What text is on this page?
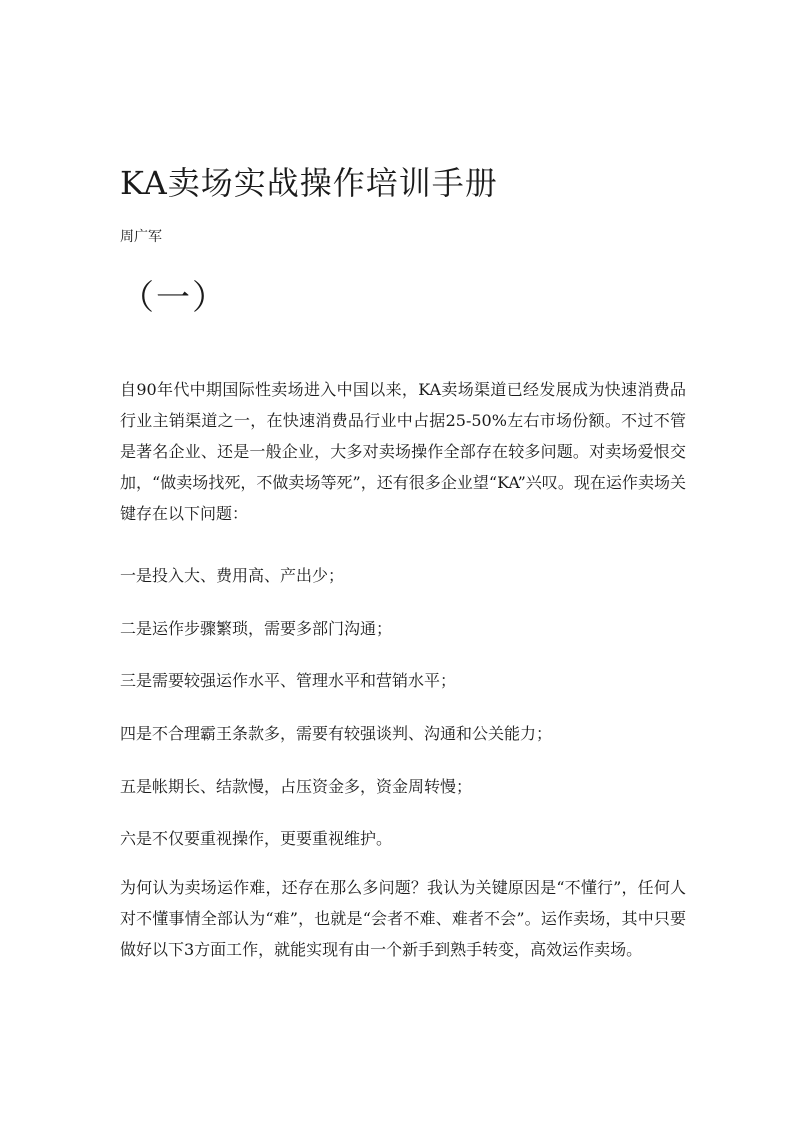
KA卖场实战操作培训手册
周广军
（一）

自90年代中期国际性卖场进入中国以来，KA卖场渠道已经发展成为快速消费品行业主销渠道之一，在快速消费品行业中占据25-50%左右市场份额。不过不管是著名企业、还是一般企业，大多对卖场操作全部存在较多问题。对卖场爱恨交加，“做卖场找死，不做卖场等死”，还有很多企业望“KA”兴叹。现在运作卖场关键存在以下问题：

一是投入大、费用高、产出少；

二是运作步骤繁琐，需要多部门沟通；

三是需要较强运作水平、管理水平和营销水平；

四是不合理霸王条款多，需要有较强谈判、沟通和公关能力；

五是帐期长、结款慢，占压资金多，资金周转慢；

六是不仅要重视操作，更要重视维护。

为何认为卖场运作难，还存在那么多问题？我认为关键原因是“不懂行”，任何人对不懂事情全部认为“难”，也就是“会者不难、难者不会”。运作卖场，其中只要做好以下3方面工作，就能实现有由一个新手到熟手转变，高效运作卖场。
